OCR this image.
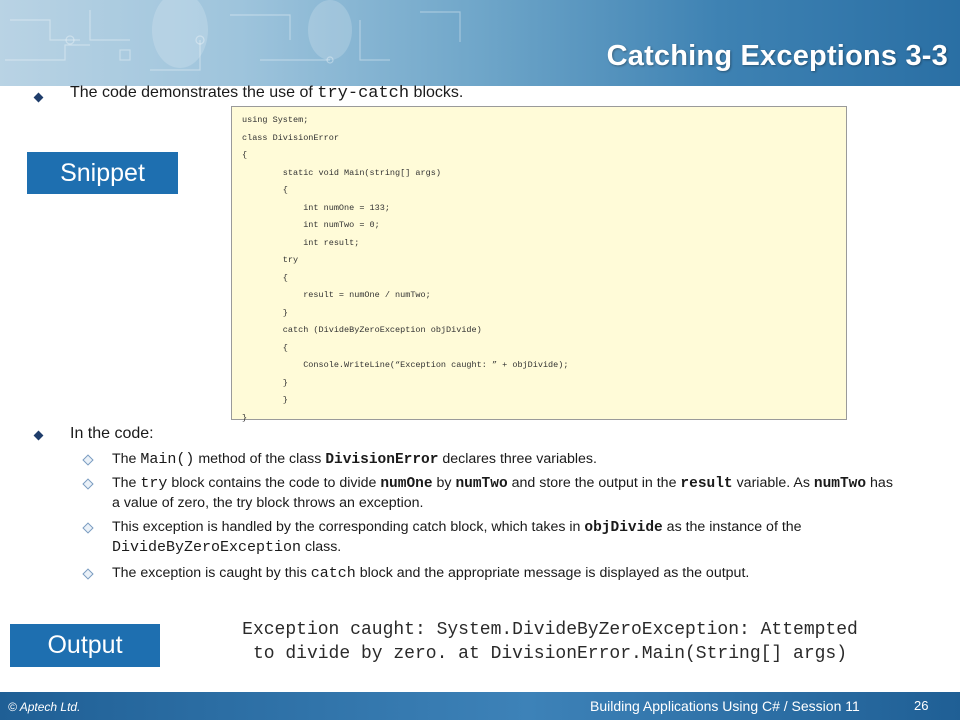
Catching Exceptions 3-3
The code demonstrates the use of try-catch blocks.
Snippet
using System;
class DivisionError
{
static void Main(string[] args)
{
int numOne = 133;
int numTwo = 0;
int result;
try
{
result = numOne / numTwo;
}
catch (DivideByZeroException objDivide)
{
Console.WriteLine(“Exception caught: ” + objDivide);
}
}
}
In the code:
The Main() method of the class DivisionError declares three variables.
The try block contains the code to divide numOne by numTwo and store the output in the result variable. As numTwo has a value of zero, the try block throws an exception.
This exception is handled by the corresponding catch block, which takes in objDivide as the instance of the DivideByZeroException class.
The exception is caught by this catch block and the appropriate message is displayed as the output.
Output
Exception caught: System.DivideByZeroException: Attempted
to divide by zero. at DivisionError.Main(String[] args)
© Aptech Ltd.	Building Applications Using C# / Session 11	26
